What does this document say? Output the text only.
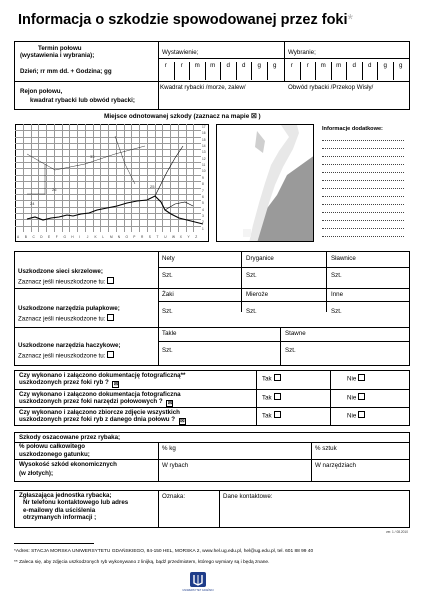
Informacja o szkodzie spowodowanej przez foki*
Termin połowu
(wystawienia i wybrania);
Dzień; rr mm dd. + Godzina; gg
Wystawienie;	Wybranie;
r	r	m	m	d	d	g	g	r	r	m	m	d	d	g	g
Rejon połowu,
kwadrat rybacki lub obwód rybacki;
Kwadrat rybacki /morze, zalew/	Obwód rybacki /Przekop Wisły/
Miejsce odnotowanej szkody (zaznacz na mapie ☒ )
33
24
26
25
17
16
15
14
13
12
11
10
9
8
7
6
5
4
3
2
1
A B C D E F G H I J K L M N O P R S T U W X Y Z
Informacje dodatkowe:
Uszkodzone sieci skrzelowe;
Zaznacz jeśli nieuszkodzone tu:
Nety	Dryganice	Sławnice
Szt.	Szt.	Szt.
Uszkodzone narzędzia pułapkowe;
Zaznacz jeśli nieuszkodzone tu:
Żaki	Mieroże	Inne
Szt.	Szt.	Szt.
Uszkodzone narzędzia haczykowe;
Zaznacz jeśli nieuszkodzone tu:
Takle	Stawne
Szt.	Szt.
Czy wykonano i załączono dokumentację fotograficzną**
uszkodzonych przez foki ryb ? ☒
Czy wykonano i załączono dokumentacja fotograficzna
uszkodzonych przez foki narzędzi połowowych ? ☒
Czy wykonano i załączono zbiorcze zdjęcie wszystkich
uszkodzonych przez foki ryb z danego dnia połowu ? ☒
Tak	Nie
Tak	Nie
Tak	Nie
Szkody oszacowane przez rybaka;
% połowu całkowitego
uszkodzonego gatunku;
% kg	% sztuk
Wysokość szkód ekonomicznych
(w złotych);
W rybach	W narzędziach
Zgłaszająca jednostka rybacka;
Nr telefonu kontaktowego lub adres
e-mailowy dla uściślenia
otrzymanych informacji ;
Oznaka:	Dane kontaktowe:
ver. 1 / 08.2010
*Adres: STACJA MORSKA UNIWERSYTETU GDAŃSKIEGO, 84-150 HEL, MORSKA 2, www.hel.ug.edu.pl, hel@ug.edu.pl, tel. 601 88 99 40
** Zaleca się, aby zdjęcia uszkodzonych ryb wykonywano z linijką, bądź przedmiotem, którego wymiary są i będą znane.
UNIWERSYTET GDAŃSKI
